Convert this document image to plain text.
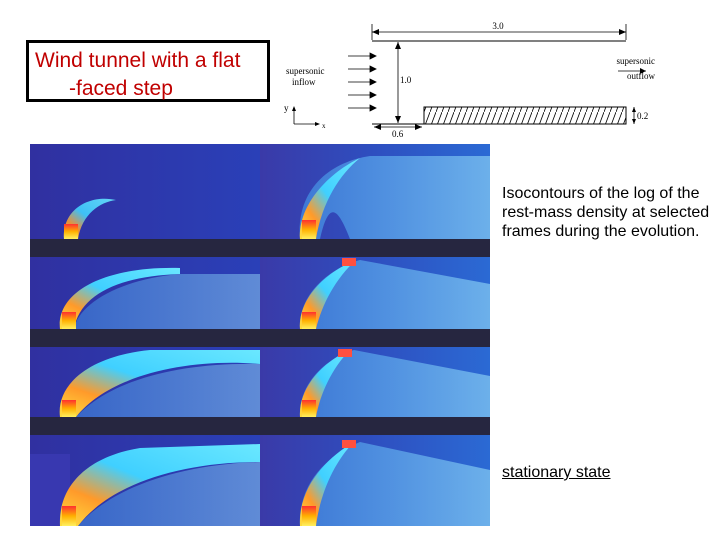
Wind tunnel with a flat
-faced step
3.0
1.0
0.6
0.2
supersonic
inflow
supersonic
outflow
y
x
Isocontours of the log of the rest-mass density at selected frames during the evolution.
stationary state
